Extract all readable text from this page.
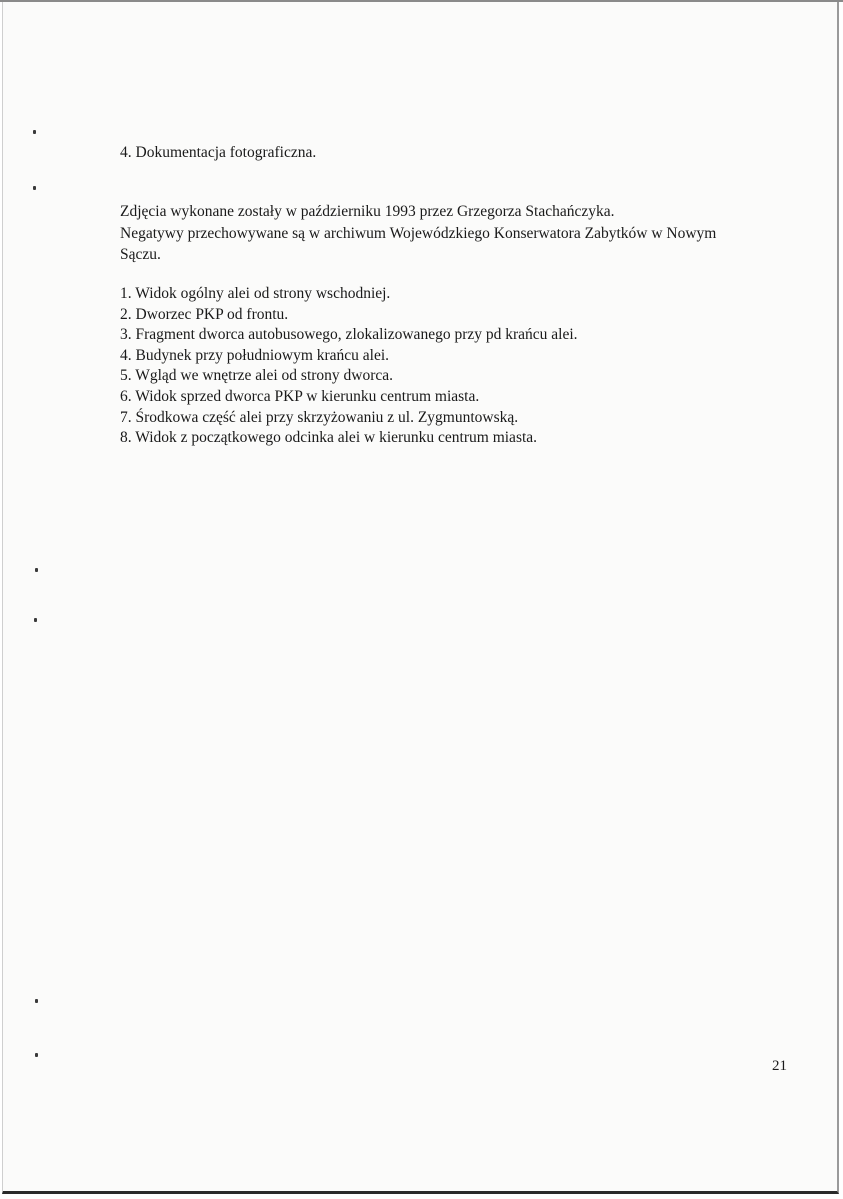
4. Dokumentacja fotograficzna.
Zdjęcia wykonane zostały w październiku 1993 przez Grzegorza Stachańczyka.
Negatywy przechowywane są w archiwum Wojewódzkiego Konserwatora Zabytków w Nowym
Sączu.
1. Widok ogólny alei od strony wschodniej.
2. Dworzec PKP od frontu.
3. Fragment dworca autobusowego, zlokalizowanego przy pd krańcu alei.
4. Budynek przy południowym krańcu alei.
5. Wgląd we wnętrze alei od strony dworca.
6. Widok sprzed dworca PKP w kierunku centrum miasta.
7. Środkowa część alei przy skrzyżowaniu z ul. Zygmuntowską.
8. Widok z początkowego odcinka alei w kierunku centrum miasta.
21
